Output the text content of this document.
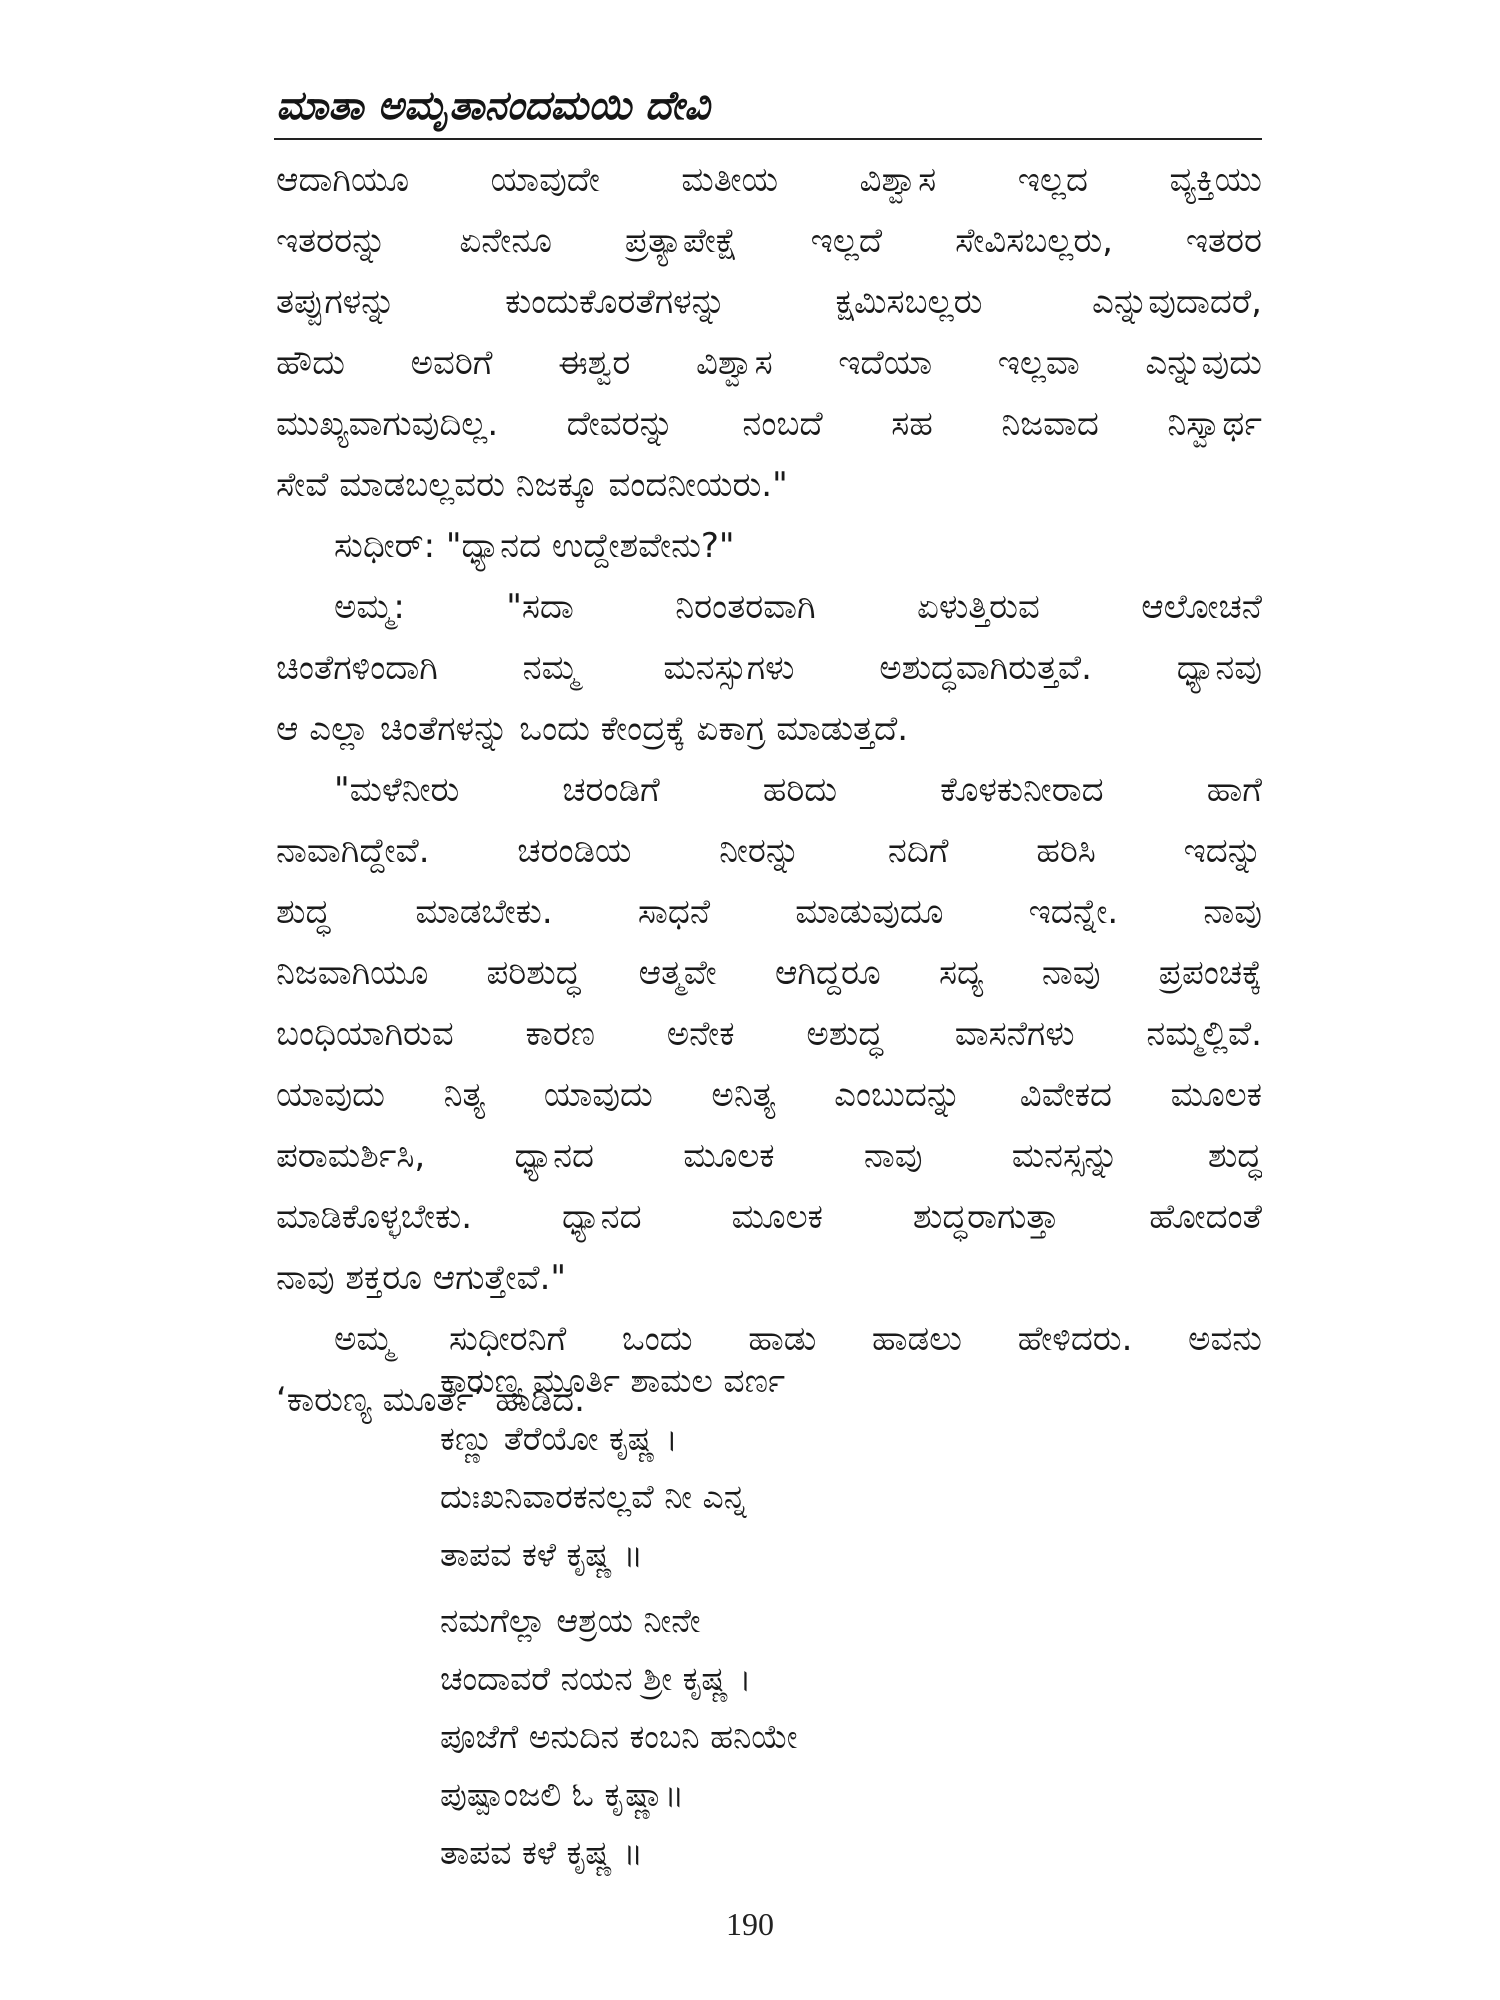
ಮಾತಾ ಅಮೃತಾನಂದಮಯಿ ದೇವಿ
ಆದಾಗಿಯೂ ಯಾವುದೇ ಮತೀಯ ವಿಶ್ವಾಸ ಇಲ್ಲದ ವ್ಯಕ್ತಿಯು
ಇತರರನ್ನು ಏನೇನೂ ಪ್ರತ್ಯಾಪೇಕ್ಷೆ ಇಲ್ಲದೆ ಸೇವಿಸಬಲ್ಲರು, ಇತರರ
ತಪ್ಪುಗಳನ್ನು ಕುಂದುಕೊರತೆಗಳನ್ನು ಕ್ಷಮಿಸಬಲ್ಲರು ಎನ್ನುವುದಾದರೆ,
ಹೌದು ಅವರಿಗೆ ಈಶ್ವರ ವಿಶ್ವಾಸ ಇದೆಯಾ ಇಲ್ಲವಾ ಎನ್ನುವುದು
ಮುಖ್ಯವಾಗುವುದಿಲ್ಲ. ದೇವರನ್ನು ನಂಬದೆ ಸಹ ನಿಜವಾದ ನಿಸ್ವಾರ್ಥ
ಸೇವೆ ಮಾಡಬಲ್ಲವರು ನಿಜಕ್ಕೂ ವಂದನೀಯರು."
ಸುಧೀರ್: "ಧ್ಯಾನದ ಉದ್ದೇಶವೇನು?"
ಅಮ್ಮ: "ಸದಾ ನಿರಂತರವಾಗಿ ಏಳುತ್ತಿರುವ ಆಲೋಚನೆ
ಚಿಂತೆಗಳಿಂದಾಗಿ ನಮ್ಮ ಮನಸ್ಸುಗಳು ಅಶುದ್ಧವಾಗಿರುತ್ತವೆ. ಧ್ಯಾನವು
ಆ ಎಲ್ಲಾ ಚಿಂತೆಗಳನ್ನು ಒಂದು ಕೇಂದ್ರಕ್ಕೆ ಏಕಾಗ್ರ ಮಾಡುತ್ತದೆ.
"ಮಳೆನೀರು ಚರಂಡಿಗೆ ಹರಿದು ಕೊಳಕುನೀರಾದ ಹಾಗೆ
ನಾವಾಗಿದ್ದೇವೆ. ಚರಂಡಿಯ ನೀರನ್ನು ನದಿಗೆ ಹರಿಸಿ ಇದನ್ನು
ಶುದ್ಧ ಮಾಡಬೇಕು. ಸಾಧನೆ ಮಾಡುವುದೂ ಇದನ್ನೇ. ನಾವು
ನಿಜವಾಗಿಯೂ ಪರಿಶುದ್ಧ ಆತ್ಮವೇ ಆಗಿದ್ದರೂ ಸದ್ಯ ನಾವು ಪ್ರಪಂಚಕ್ಕೆ
ಬಂಧಿಯಾಗಿರುವ ಕಾರಣ ಅನೇಕ ಅಶುದ್ಧ ವಾಸನೆಗಳು ನಮ್ಮಲ್ಲಿವೆ.
ಯಾವುದು ನಿತ್ಯ ಯಾವುದು ಅನಿತ್ಯ ಎಂಬುದನ್ನು ವಿವೇಕದ ಮೂಲಕ
ಪರಾಮರ್ಶಿಸಿ, ಧ್ಯಾನದ ಮೂಲಕ ನಾವು ಮನಸ್ಸನ್ನು ಶುದ್ಧ
ಮಾಡಿಕೊಳ್ಳಬೇಕು. ಧ್ಯಾನದ ಮೂಲಕ ಶುದ್ಧರಾಗುತ್ತಾ ಹೋದಂತೆ
ನಾವು ಶಕ್ತರೂ ಆಗುತ್ತೇವೆ."
ಅಮ್ಮ ಸುಧೀರನಿಗೆ ಒಂದು ಹಾಡು ಹಾಡಲು ಹೇಳಿದರು. ಅವನು
‘ಕಾರುಣ್ಯ ಮೂರ್ತೆ’ ಹಾಡಿದ.
ಕಾರುಣ್ಯ ಮೂರ್ತಿ ಶಾಮಲ ವರ್ಣ
ಕಣ್ಣು ತೆರೆಯೋ ಕೃಷ್ಣ ।
ದುಃಖನಿವಾರಕನಲ್ಲವೆ ನೀ ಎನ್ನ
ತಾಪವ ಕಳೆ ಕೃಷ್ಣ ॥
ನಮಗೆಲ್ಲಾ ಆಶ್ರಯ ನೀನೇ
ಚಂದಾವರೆ ನಯನ ಶ್ರೀ ಕೃಷ್ಣ ।
ಪೂಜೆಗೆ ಅನುದಿನ ಕಂಬನಿ ಹನಿಯೇ
ಪುಷ್ಪಾಂಜಲಿ ಓ ಕೃಷ್ಣಾ॥
ತಾಪವ ಕಳೆ ಕೃಷ್ಣ ॥
190
